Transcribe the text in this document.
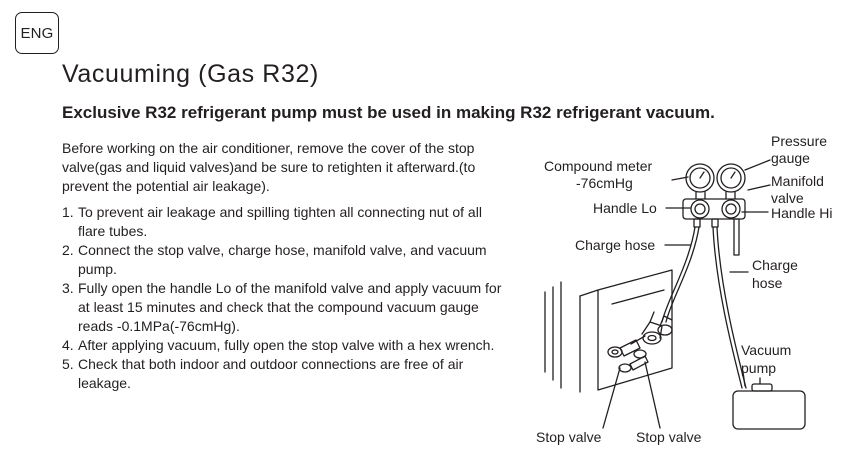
ENG
Vacuuming (Gas R32)
Exclusive R32 refrigerant pump must be used in making R32 refrigerant vacuum.

Before working on the air conditioner, remove the cover of the stop valve(gas and liquid valves)and be sure to retighten it afterward.(to prevent the potential air leakage).

1. To prevent air leakage and spilling tighten all connecting nut of all flare tubes.
2. Connect the stop valve, charge hose, manifold valve, and vacuum pump.
3. Fully open the handle Lo of the manifold valve and apply vacuum for at least 15 minutes and check that the compound vacuum gauge reads -0.1MPa(-76cmHg).
4. After applying vacuum, fully open the stop valve with a hex wrench.
5. Check that both indoor and outdoor connections are free of air leakage.
Pressure
gauge
Compound meter
-76cmHg	Manifold
valve
Handle Lo	Handle Hi
Charge hose
Charge
hose
Vacuum
pump
Stop valve Stop valve
